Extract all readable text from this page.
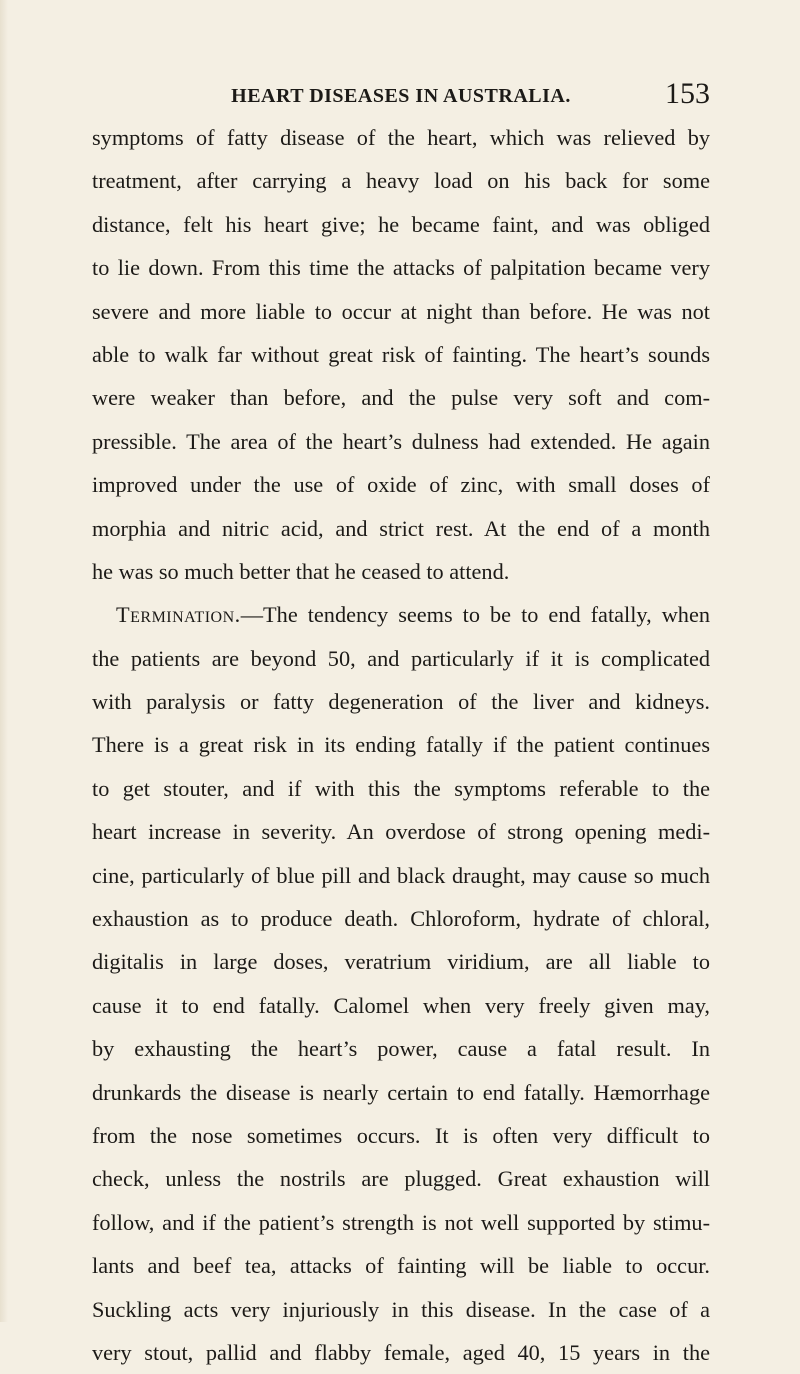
HEART DISEASES IN AUSTRALIA.	153
symptoms of fatty disease of the heart, which was relieved by
treatment, after carrying a heavy load on his back for some
distance, felt his heart give; he became faint, and was obliged
to lie down. From this time the attacks of palpitation became very
severe and more liable to occur at night than before. He was not
able to walk far without great risk of fainting. The heart’s sounds
were weaker than before, and the pulse very soft and com-
pressible. The area of the heart’s dulness had extended. He again
improved under the use of oxide of zinc, with small doses of
morphia and nitric acid, and strict rest. At the end of a month
he was so much better that he ceased to attend.
Termination.—The tendency seems to be to end fatally, when
the patients are beyond 50, and particularly if it is complicated
with paralysis or fatty degeneration of the liver and kidneys.
There is a great risk in its ending fatally if the patient continues
to get stouter, and if with this the symptoms referable to the
heart increase in severity. An overdose of strong opening medi-
cine, particularly of blue pill and black draught, may cause so much
exhaustion as to produce death. Chloroform, hydrate of chloral,
digitalis in large doses, veratrium viridium, are all liable to
cause it to end fatally. Calomel when very freely given may,
by exhausting the heart’s power, cause a fatal result. In
drunkards the disease is nearly certain to end fatally. Hæmorrhage
from the nose sometimes occurs. It is often very difficult to
check, unless the nostrils are plugged. Great exhaustion will
follow, and if the patient’s strength is not well supported by stimu-
lants and beef tea, attacks of fainting will be liable to occur.
Suckling acts very injuriously in this disease. In the case of a
very stout, pallid and flabby female, aged 40, 15 years in the
